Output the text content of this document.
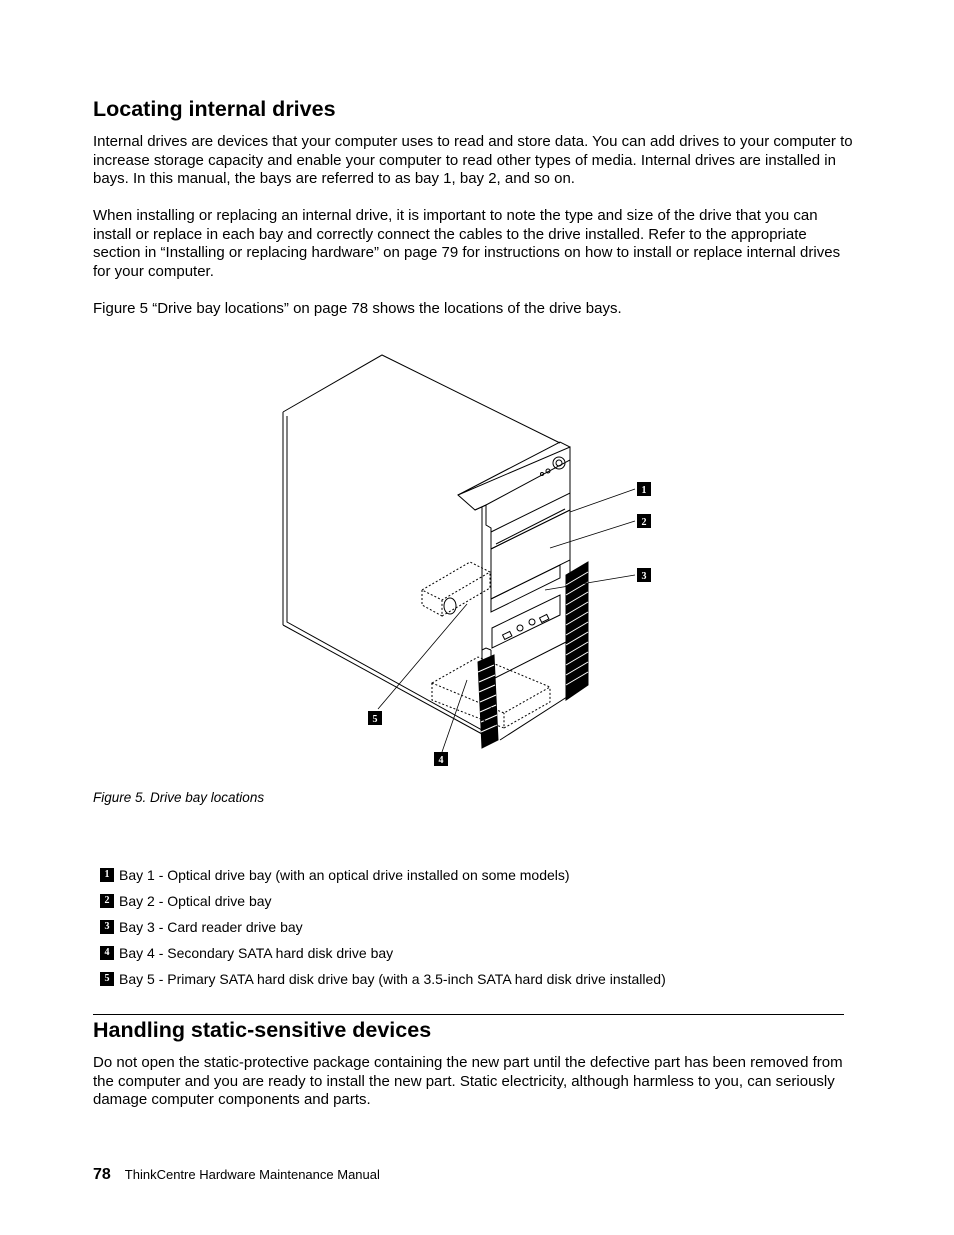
Locating internal drives

Internal drives are devices that your computer uses to read and store data. You can add drives to your computer to increase storage capacity and enable your computer to read other types of media. Internal drives are installed in bays. In this manual, the bays are referred to as bay 1, bay 2, and so on.

When installing or replacing an internal drive, it is important to note the type and size of the drive that you can install or replace in each bay and correctly connect the cables to the drive installed. Refer to the appropriate section in “Installing or replacing hardware” on page 79 for instructions on how to install or replace internal drives for your computer.

Figure 5 “Drive bay locations” on page 78 shows the locations of the drive bays.

1
2
3
5
4
Figure 5. Drive bay locations
1 Bay 1 - Optical drive bay (with an optical drive installed on some models)
2 Bay 2 - Optical drive bay
3 Bay 3 - Card reader drive bay
4 Bay 4 - Secondary SATA hard disk drive bay
5 Bay 5 - Primary SATA hard disk drive bay (with a 3.5-inch SATA hard disk drive installed)
Handling static-sensitive devices

Do not open the static-protective package containing the new part until the defective part has been removed from the computer and you are ready to install the new part. Static electricity, although harmless to you, can seriously damage computer components and parts.

78 ThinkCentre Hardware Maintenance Manual
